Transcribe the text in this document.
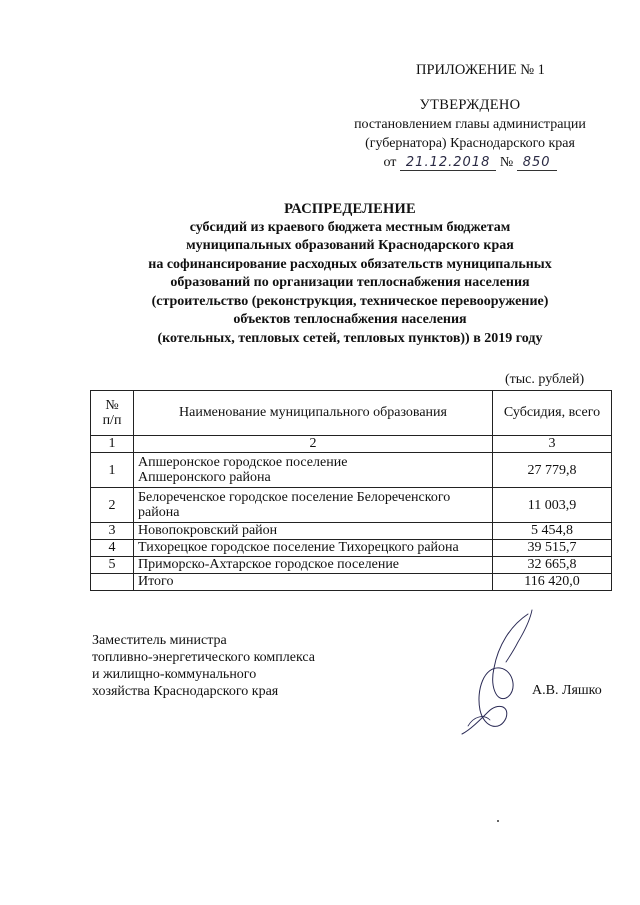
ПРИЛОЖЕНИЕ № 1
УТВЕРЖДЕНО
постановлением главы администрации
(губернатора) Краснодарского края
от 21.12.2018 № 850
РАСПРЕДЕЛЕНИЕ
субсидий из краевого бюджета местным бюджетам
муниципальных образований Краснодарского края
на софинансирование расходных обязательств муниципальных
образований по организации теплоснабжения населения
(строительство (реконструкция, техническое перевооружение)
объектов теплоснабжения населения
(котельных, тепловых сетей, тепловых пунктов)) в 2019 году
(тыс. рублей)
№
п/п	Наименование муниципального образования	Субсидия, всего
1	2	3
1	Апшеронское городское поселение
Апшеронского района	27 779,8
2	Белореченское городское поселение Белореченского
района	11 003,9
3	Новопокровский район	5 454,8
4	Тихорецкое городское поселение Тихорецкого района	39 515,7
5	Приморско-Ахтарское городское поселение	32 665,8
	Итого	116 420,0
Заместитель министра
топливно-энергетического комплекса
и жилищно-коммунального
хозяйства Краснодарского края	А.В. Ляшко
